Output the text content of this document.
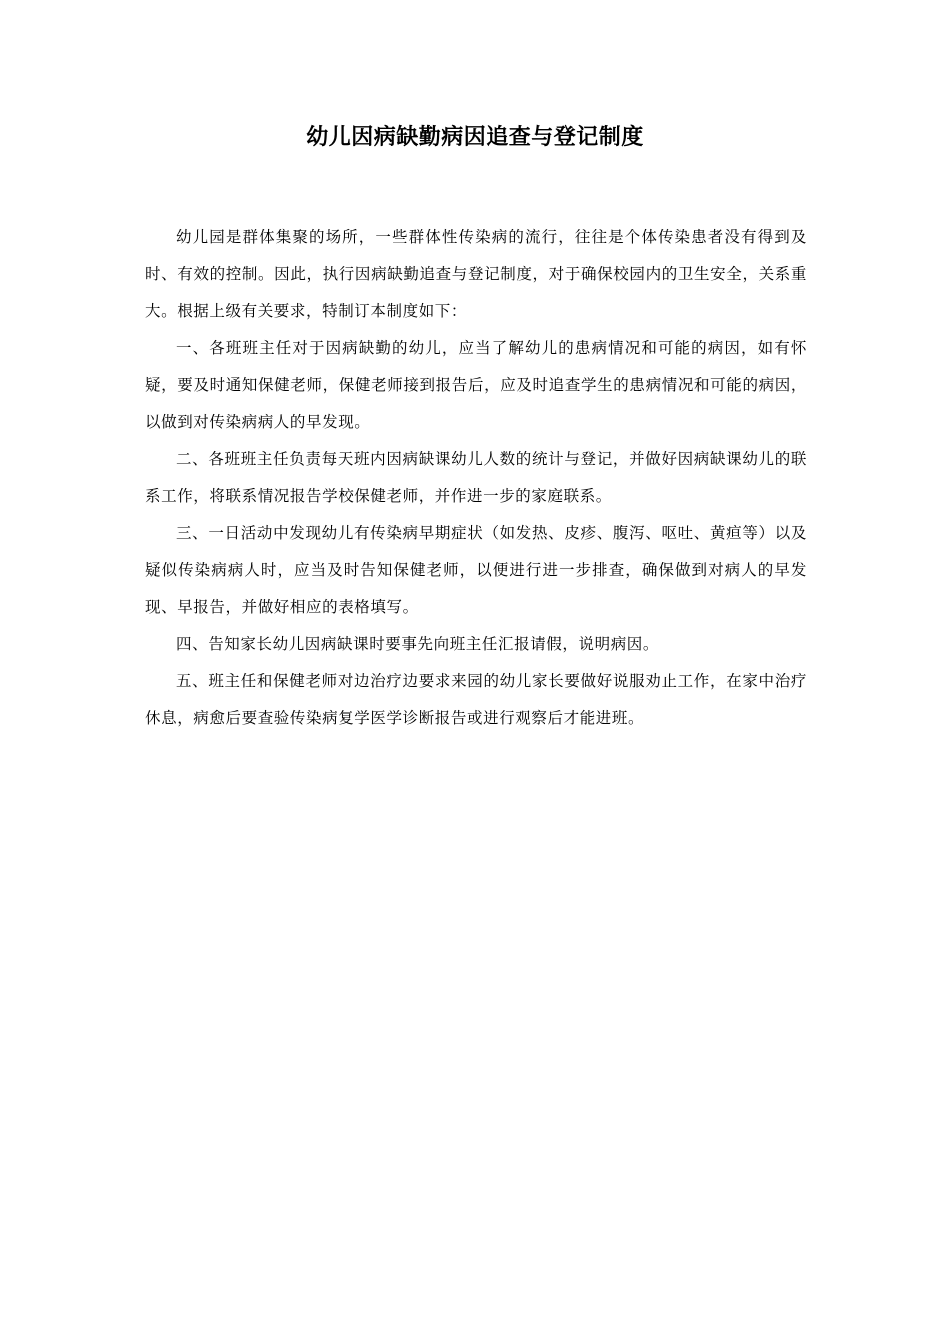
幼儿因病缺勤病因追查与登记制度

幼儿园是群体集聚的场所，一些群体性传染病的流行，往往是个体传染患者没有得到及时、有效的控制。因此，执行因病缺勤追查与登记制度，对于确保校园内的卫生安全，关系重大。根据上级有关要求，特制订本制度如下：

一、各班班主任对于因病缺勤的幼儿，应当了解幼儿的患病情况和可能的病因，如有怀疑，要及时通知保健老师，保健老师接到报告后，应及时追查学生的患病情况和可能的病因，以做到对传染病病人的早发现。

二、各班班主任负责每天班内因病缺课幼儿人数的统计与登记，并做好因病缺课幼儿的联系工作，将联系情况报告学校保健老师，并作进一步的家庭联系。

三、一日活动中发现幼儿有传染病早期症状（如发热、皮疹、腹泻、呕吐、黄疸等）以及疑似传染病病人时，应当及时告知保健老师，以便进行进一步排查，确保做到对病人的早发现、早报告，并做好相应的表格填写。

四、告知家长幼儿因病缺课时要事先向班主任汇报请假，说明病因。

五、班主任和保健老师对边治疗边要求来园的幼儿家长要做好说服劝止工作，在家中治疗休息，病愈后要查验传染病复学医学诊断报告或进行观察后才能进班。
